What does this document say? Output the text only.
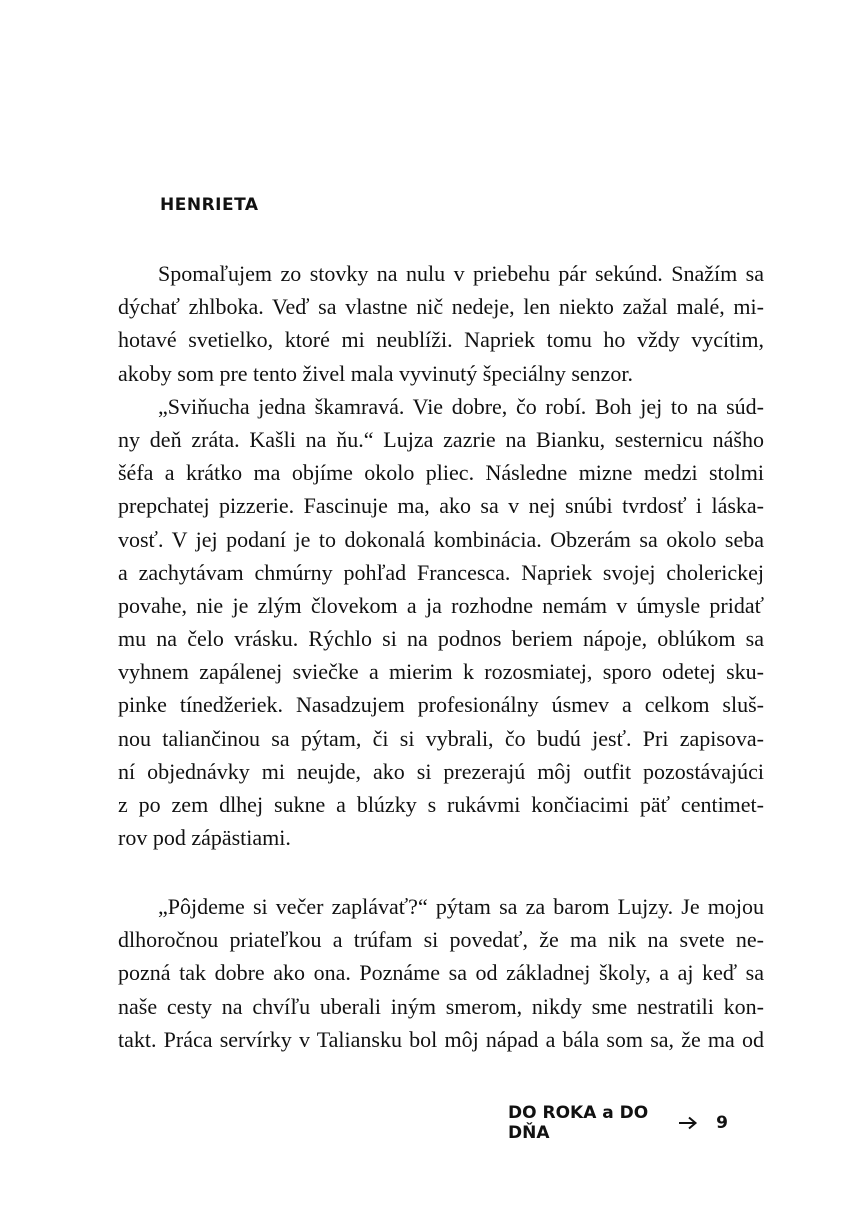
HENRIETA
Spomaľujem zo stovky na nulu v priebehu pár sekúnd. Snažím sa
dýchať zhlboka. Veď sa vlastne nič nedeje, len niekto zažal malé, mi-
hotavé svetielko, ktoré mi neublíži. Napriek tomu ho vždy vycítim,
akoby som pre tento živel mala vyvinutý špeciálny senzor.
„Sviňucha jedna škamravá. Vie dobre, čo robí. Boh jej to na súd-
ny deň zráta. Kašli na ňu.“ Lujza zazrie na Bianku, sesternicu nášho
šéfa a krátko ma objíme okolo pliec. Následne mizne medzi stolmi
prepchatej pizzerie. Fascinuje ma, ako sa v nej snúbi tvrdosť i láska-
vosť. V jej podaní je to dokonalá kombinácia. Obzerám sa okolo seba
a zachytávam chmúrny pohľad Francesca. Napriek svojej cholerickej
povahe, nie je zlým človekom a ja rozhodne nemám v úmysle pridať
mu na čelo vrásku. Rýchlo si na podnos beriem nápoje, oblúkom sa
vyhnem zapálenej sviečke a mierim k rozosmiatej, sporo odetej sku-
pinke tínedžeriek. Nasadzujem profesionálny úsmev a celkom sluš-
nou taliančinou sa pýtam, či si vybrali, čo budú jesť. Pri zapisova-
ní objednávky mi neujde, ako si prezerajú môj outfit pozostávajúci
z po zem dlhej sukne a blúzky s rukávmi končiacimi päť centimet-
rov pod zápästiami.
„Pôjdeme si večer zaplávať?“ pýtam sa za barom Lujzy. Je mojou
dlhoročnou priateľkou a trúfam si povedať, že ma nik na svete ne-
pozná tak dobre ako ona. Poznáme sa od základnej školy, a aj keď sa
naše cesty na chvíľu uberali iným smerom, nikdy sme nestratili kon-
takt. Práca servírky v Taliansku bol môj nápad a bála som sa, že ma od
DO ROKA a DO DŇA	9
